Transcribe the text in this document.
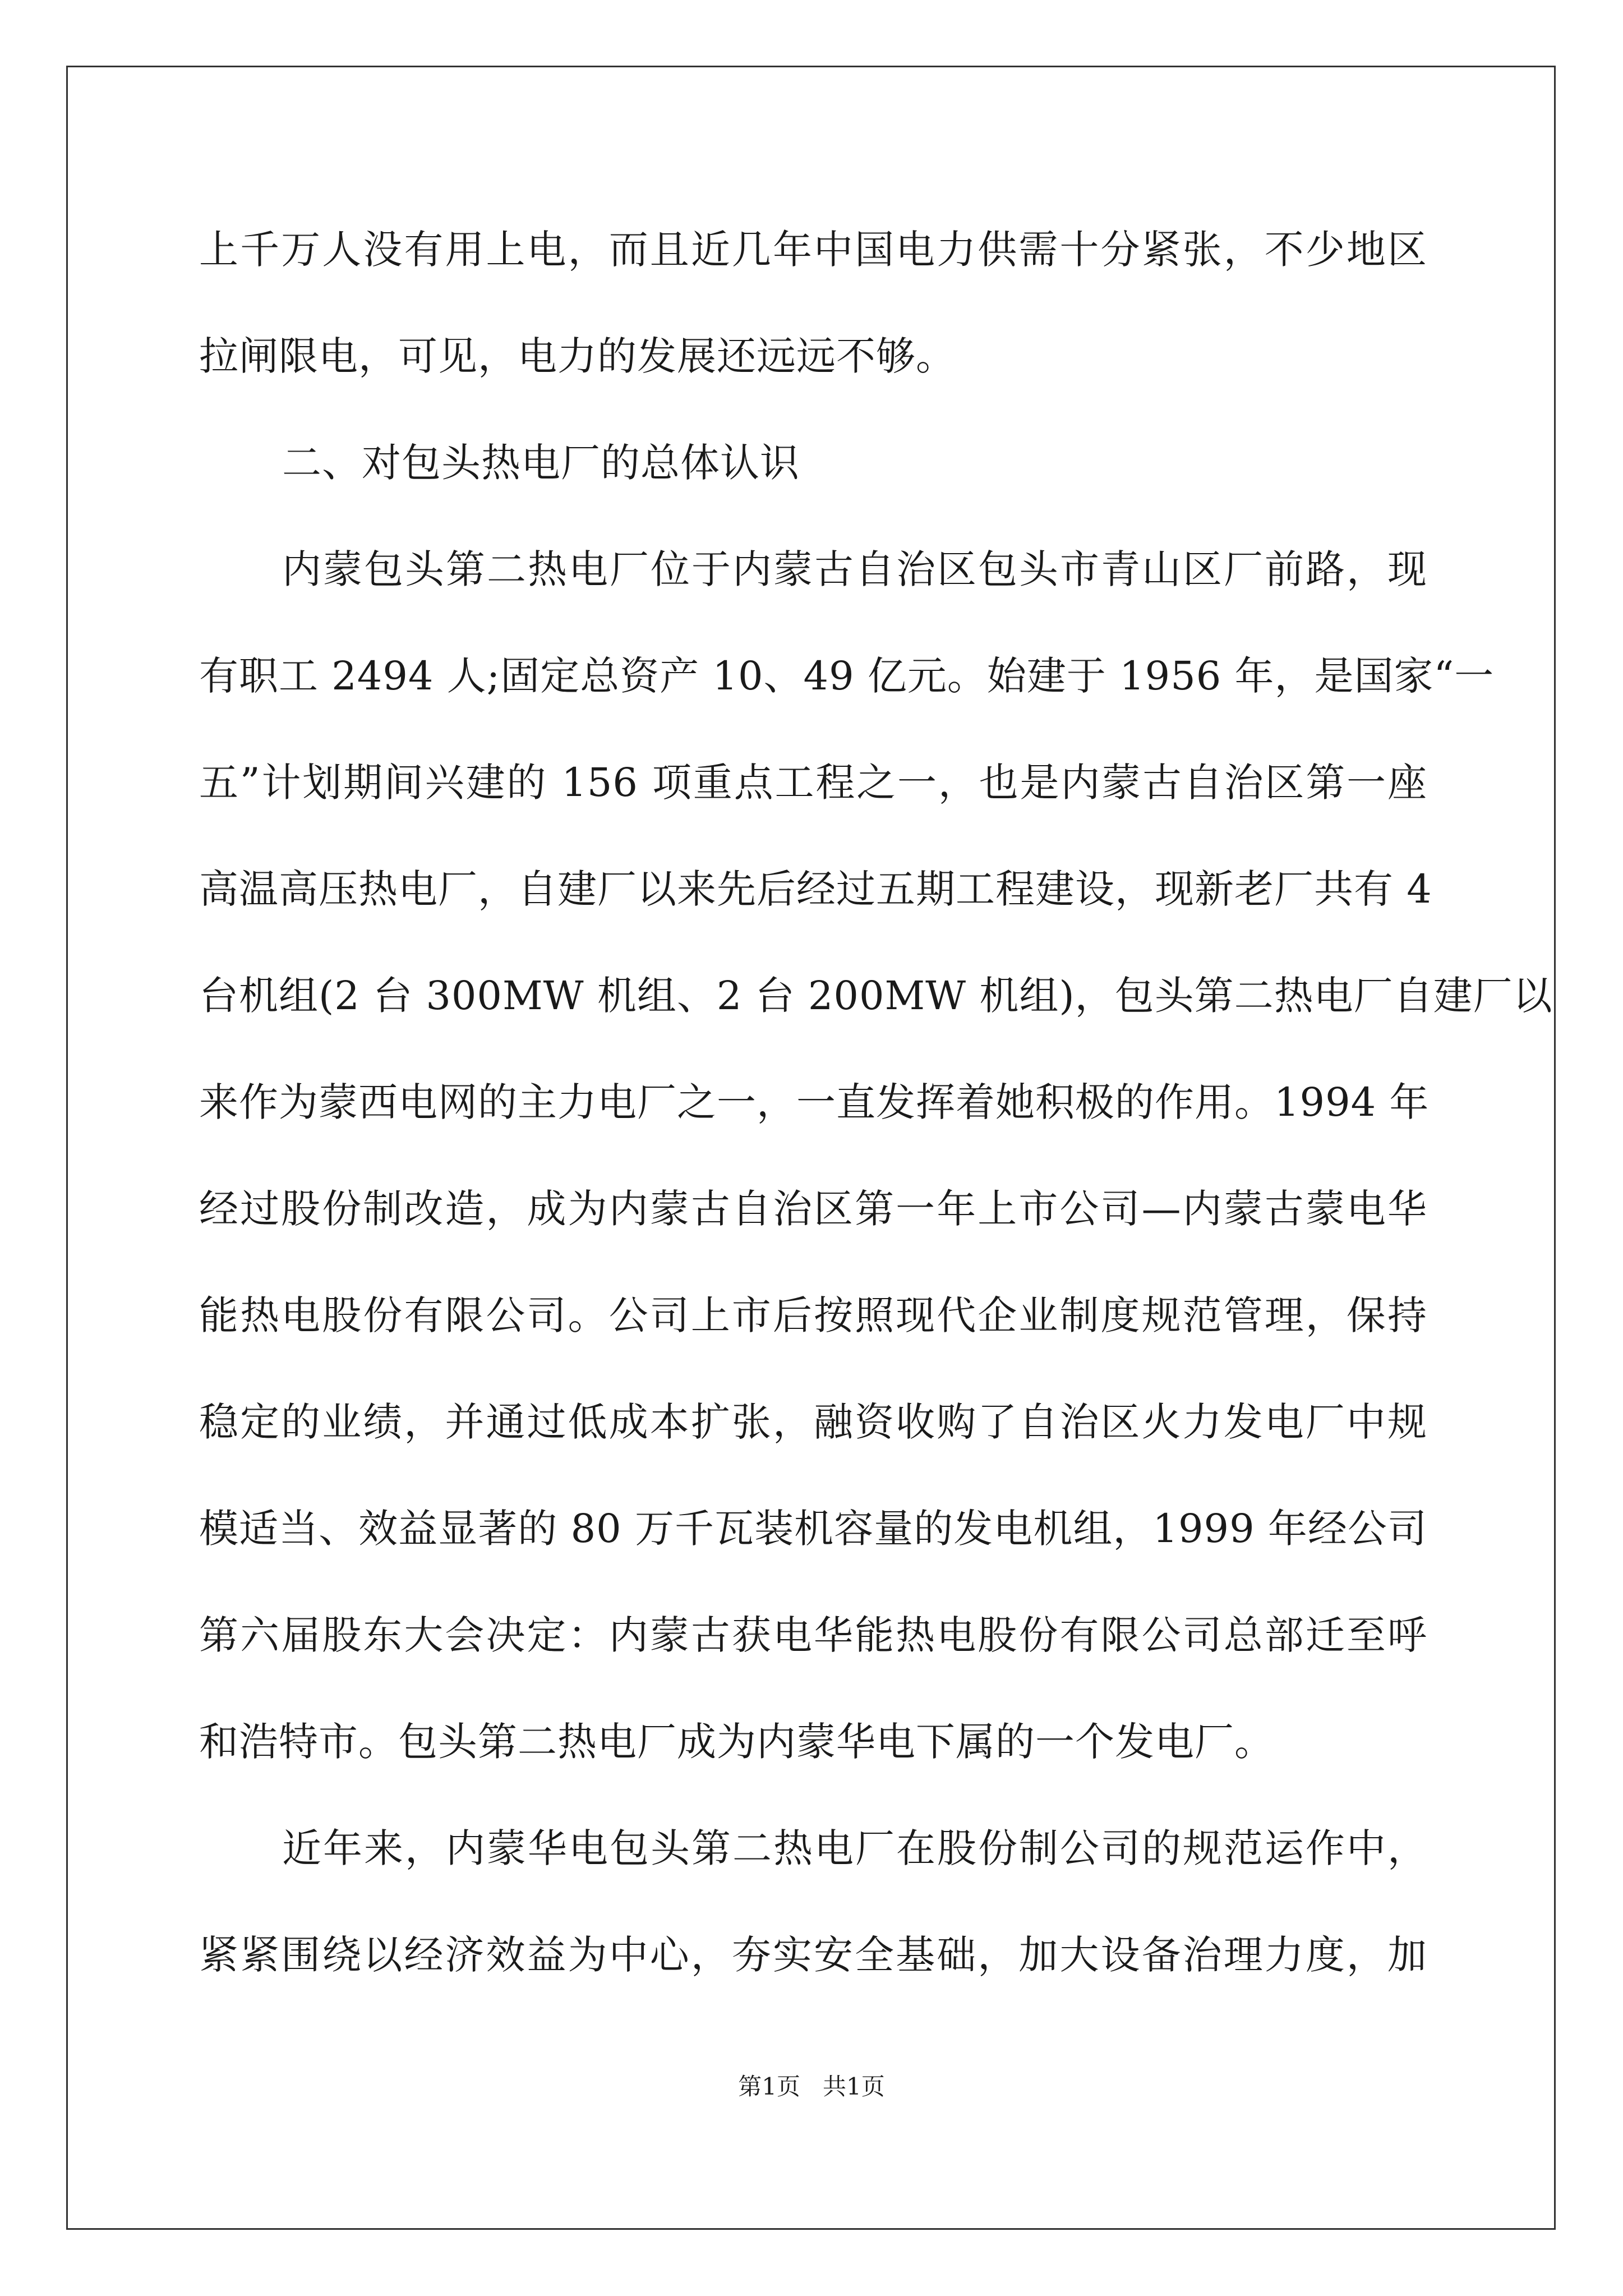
上千万人没有用上电，而且近几年中国电力供需十分紧张，不少地区
拉闸限电，可见，电力的发展还远远不够。
二、对包头热电厂的总体认识
内蒙包头第二热电厂位于内蒙古自治区包头市青山区厂前路，现
有职工 2494 人;固定总资产 10、49 亿元。始建于 1956 年，是国家“一
五”计划期间兴建的 156 项重点工程之一，也是内蒙古自治区第一座
高温高压热电厂，自建厂以来先后经过五期工程建设，现新老厂共有 4
台机组(2 台 300MW 机组、2 台 200MW 机组)，包头第二热电厂自建厂以
来作为蒙西电网的主力电厂之一，一直发挥着她积极的作用。1994 年
经过股份制改造，成为内蒙古自治区第一年上市公司—内蒙古蒙电华
能热电股份有限公司。公司上市后按照现代企业制度规范管理，保持
稳定的业绩，并通过低成本扩张，融资收购了自治区火力发电厂中规
模适当、效益显著的 80 万千瓦装机容量的发电机组，1999 年经公司
第六届股东大会决定：内蒙古获电华能热电股份有限公司总部迁至呼
和浩特市。包头第二热电厂成为内蒙华电下属的一个发电厂。
近年来，内蒙华电包头第二热电厂在股份制公司的规范运作中，
紧紧围绕以经济效益为中心，夯实安全基础，加大设备治理力度，加
第1页 共1页
